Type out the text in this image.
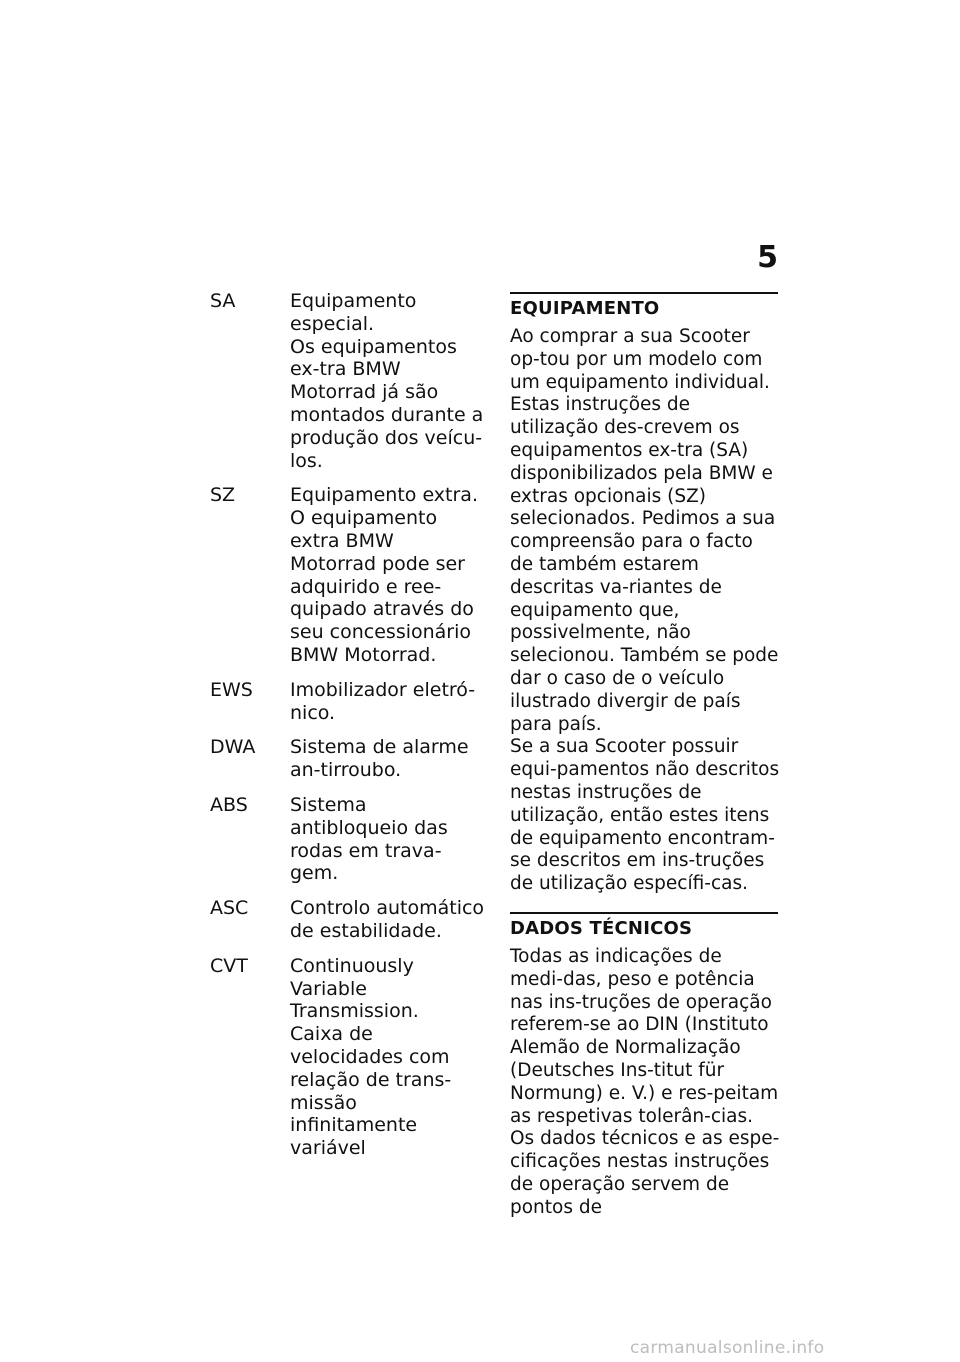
5
SA	Equipamento especial.

Os equipamentos ex-tra BMW Motorrad já são montados durante a produção dos veícu-los.

SZ	Equipamento extra.

O equipamento extra BMW Motorrad pode ser adquirido e ree-quipado através do seu concessionário BMW Motorrad.

EWS	Imobilizador eletró-nico.

DWA	Sistema de alarme an-tirroubo.

ABS	Sistema antibloqueio das rodas em trava-gem.

ASC	Controlo automático de estabilidade.

CVT	Continuously Variable Transmission.

Caixa de velocidades com relação de trans-missão infinitamente variável

EQUIPAMENTO

Ao comprar a sua Scooter op-tou por um modelo com um equipamento individual. Estas instruções de utilização des-crevem os equipamentos ex-tra (SA) disponibilizados pela BMW e extras opcionais (SZ) selecionados. Pedimos a sua compreensão para o facto de também estarem descritas va-riantes de equipamento que, possivelmente, não selecionou. Também se pode dar o caso de o veículo ilustrado divergir de país para país.

Se a sua Scooter possuir equi-pamentos não descritos nestas instruções de utilização, então estes itens de equipamento encontram-se descritos em ins-truções de utilização específi-cas.

DADOS TÉCNICOS

Todas as indicações de medi-das, peso e potência nas ins-truções de operação referem-se ao DIN (Instituto Alemão de Normalização (Deutsches Ins-titut für Normung) e. V.) e res-peitam as respetivas tolerân-cias.

Os dados técnicos e as espe-cificações nestas instruções de operação servem de pontos de

carmanualsonline.info
